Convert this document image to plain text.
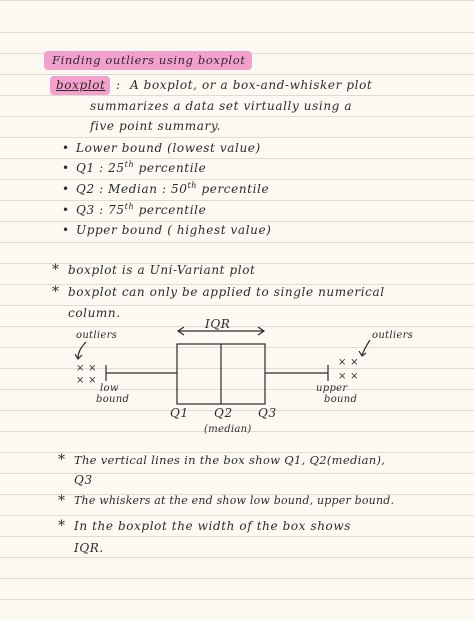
Finding outliers using boxplot
boxplot : A boxplot, or a box-and-whisker plot
summarizes a data set virtually using a
five point summary.
• Lower bound (lowest value)
• Q1 : 25th percentile
• Q2 : Median : 50th percentile
• Q3 : 75th percentile
• Upper bound ( highest value)
* boxplot is a Uni-Variant plot
* boxplot can only be applied to single numerical
column.
IQR
outliers	outliers
× ×
× ×
× ×
× ×
low
bound
upper
bound
Q1 Q2 Q3
(median)
* The vertical lines in the box show Q1, Q2(median),
Q3
* The whiskers at the end show low bound, upper bound.
* In the boxplot the width of the box shows
IQR.
